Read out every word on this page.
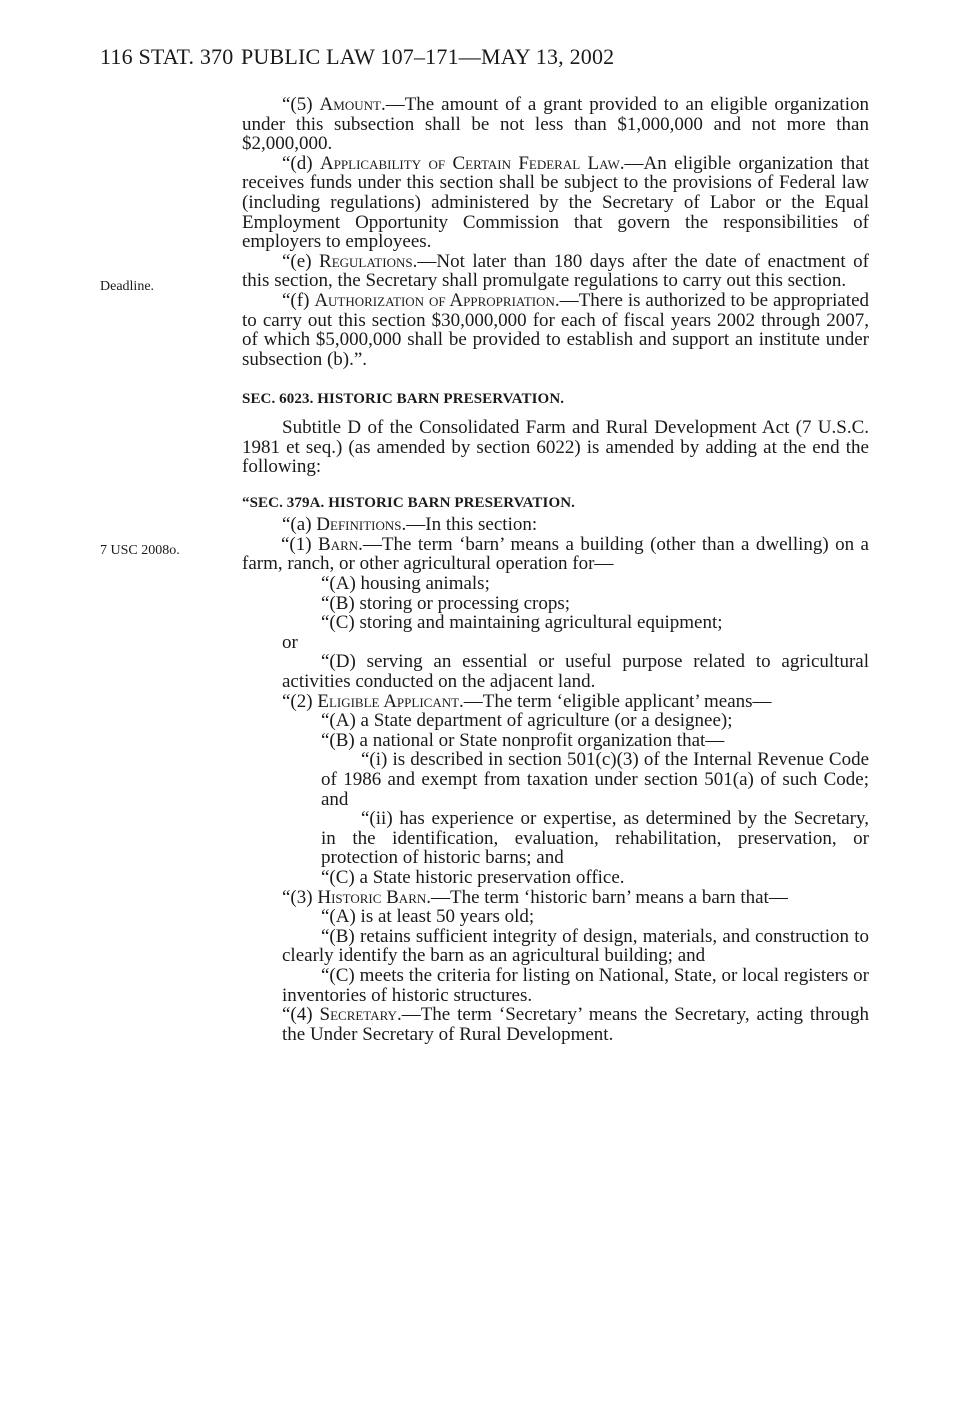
116 STAT. 370 PUBLIC LAW 107–171—MAY 13, 2002
Deadline.
7 USC 2008o.

“(5) Amount.—The amount of a grant provided to an eligible organization under this subsection shall be not less than $1,000,000 and not more than $2,000,000.

“(d) Applicability of Certain Federal Law.—An eligible organization that receives funds under this section shall be subject to the provisions of Federal law (including regulations) administered by the Secretary of Labor or the Equal Employment Opportunity Commission that govern the responsibilities of employers to employees.

“(e) Regulations.—Not later than 180 days after the date of enactment of this section, the Secretary shall promulgate regulations to carry out this section.

“(f) Authorization of Appropriation.—There is authorized to be appropriated to carry out this section $30,000,000 for each of fiscal years 2002 through 2007, of which $5,000,000 shall be provided to establish and support an institute under subsection (b).”.

SEC. 6023. HISTORIC BARN PRESERVATION.

Subtitle D of the Consolidated Farm and Rural Development Act (7 U.S.C. 1981 et seq.) (as amended by section 6022) is amended by adding at the end the following:

“SEC. 379A. HISTORIC BARN PRESERVATION.

“(a) Definitions.—In this section:

“(1) Barn.—The term ‘barn’ means a building (other than a dwelling) on a farm, ranch, or other agricultural operation for—

“(A) housing animals;

“(B) storing or processing crops;

“(C) storing and maintaining agricultural equipment;

or

“(D) serving an essential or useful purpose related to agricultural activities conducted on the adjacent land.

“(2) Eligible Applicant.—The term ‘eligible applicant’ means—

“(A) a State department of agriculture (or a designee);

“(B) a national or State nonprofit organization that—

“(i) is described in section 501(c)(3) of the Internal Revenue Code of 1986 and exempt from taxation under section 501(a) of such Code; and

“(ii) has experience or expertise, as determined by the Secretary, in the identification, evaluation, rehabilitation, preservation, or protection of historic barns; and

“(C) a State historic preservation office.

“(3) Historic Barn.—The term ‘historic barn’ means a barn that—

“(A) is at least 50 years old;

“(B) retains sufficient integrity of design, materials, and construction to clearly identify the barn as an agricultural building; and

“(C) meets the criteria for listing on National, State, or local registers or inventories of historic structures.

“(4) Secretary.—The term ‘Secretary’ means the Secretary, acting through the Under Secretary of Rural Development.
